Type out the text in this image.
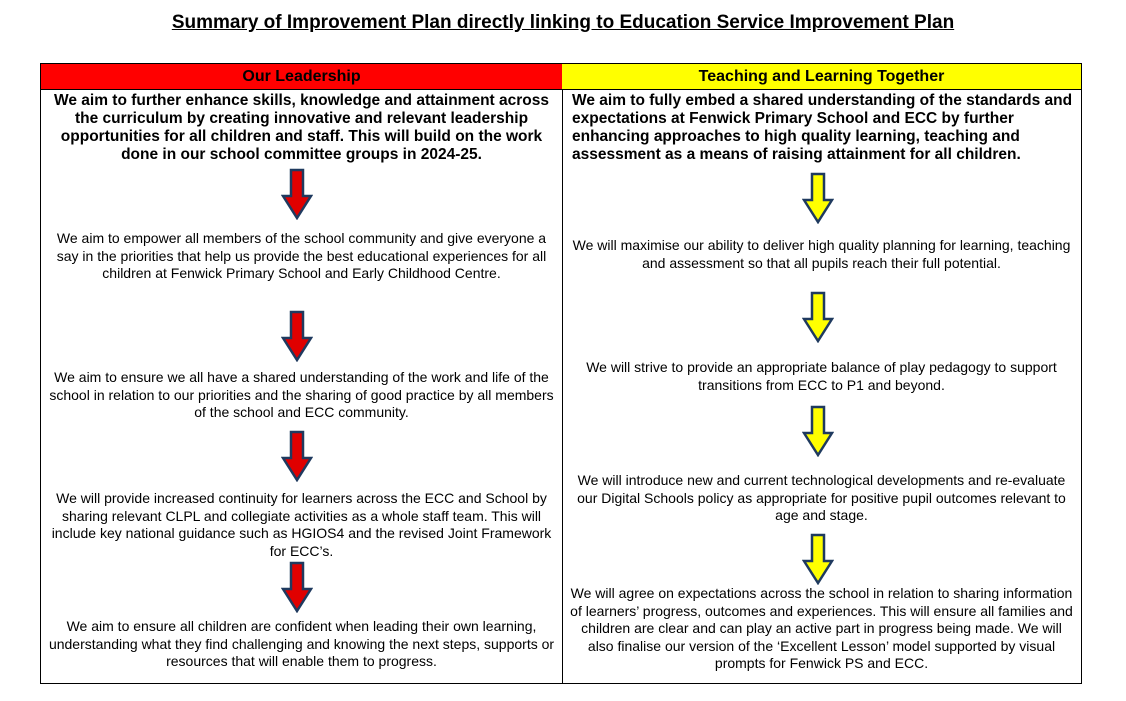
Summary of Improvement Plan directly linking to Education Service Improvement Plan
Our Leadership
We aim to further enhance skills, knowledge and attainment across the curriculum by creating innovative and relevant leadership opportunities for all children and staff. This will build on the work done in our school committee groups in 2024-25.
We aim to empower all members of the school community and give everyone a say in the priorities that help us provide the best educational experiences for all children at Fenwick Primary School and Early Childhood Centre.
We aim to ensure we all have a shared understanding of the work and life of the school in relation to our priorities and the sharing of good practice by all members of the school and ECC community.
We will provide increased continuity for learners across the ECC and School by sharing relevant CLPL and collegiate activities as a whole staff team. This will include key national guidance such as HGIOS4 and the revised Joint Framework for ECC’s.
We aim to ensure all children are confident when leading their own learning, understanding what they find challenging and knowing the next steps, supports or resources that will enable them to progress.
Teaching and Learning Together
We aim to fully embed a shared understanding of the standards and expectations at Fenwick Primary School and ECC by further enhancing approaches to high quality learning, teaching and assessment as a means of raising attainment for all children.
We will maximise our ability to deliver high quality planning for learning, teaching and assessment so that all pupils reach their full potential.
We will strive to provide an appropriate balance of play pedagogy to support transitions from ECC to P1 and beyond.
We will introduce new and current technological developments and re-evaluate our Digital Schools policy as appropriate for positive pupil outcomes relevant to age and stage.
We will agree on expectations across the school in relation to sharing information of learners’ progress, outcomes and experiences. This will ensure all families and children are clear and can play an active part in progress being made. We will also finalise our version of the ‘Excellent Lesson’ model supported by visual prompts for Fenwick PS and ECC.
